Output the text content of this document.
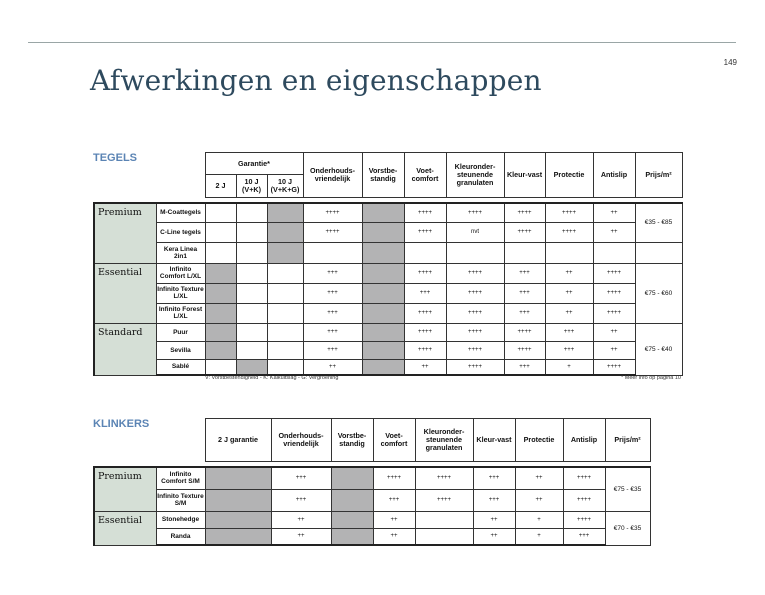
149
Afwerkingen en eigenschappen
TEGELS
		Garantie*			Onderhouds-vriendelijk	Vorstbe-standig	Voet-comfort	Kleuronder-steunende granulaten	Kleur-vast	Protectie	Antislip	Prijs/m²
		2 J	10 J (V+K)	10 J (V+K+G)								

Premium	M-Coattegels				++++		++++	++++	++++	++++	++	€35 - €85
	C-Line tegels				++++		++++	nvt	++++	++++	++	
	Kera Linea 2in1											
Essential	Infinito Comfort L/XL				+++		++++	++++	+++	++	++++	€75 - €60
	Infinito Texture L/XL				+++		+++	++++	+++	++	++++	
	Infinito Forest L/XL				+++		++++	++++	+++	++	++++	
Standard	Puur				+++		++++	++++	++++	+++	++	€75 - €40
	Sevilla				+++		++++	++++	++++	+++	++	
	Sablé				++		++	++++	+++	+	++++	
V: Vorstbestendigheid - K: Kalkuitslag - G: Vergroening	* Meer info op pagina 10
KLINKERS
		2 J garantie	Onderhouds-vriendelijk	Vorstbe-standig	Voet-comfort	Kleuronder-steunende granulaten	Kleur-vast	Protectie	Antislip	Prijs/m²

Premium	Infinito Comfort S/M		+++		++++	++++	+++	++	++++	€75 - €35
	Infinito Texture S/M		+++		+++	++++	+++	++	++++	
Essential	Stonehedge		++		++		++	+	++++	€70 - €35
	Randa		++		++		++	+	+++	
